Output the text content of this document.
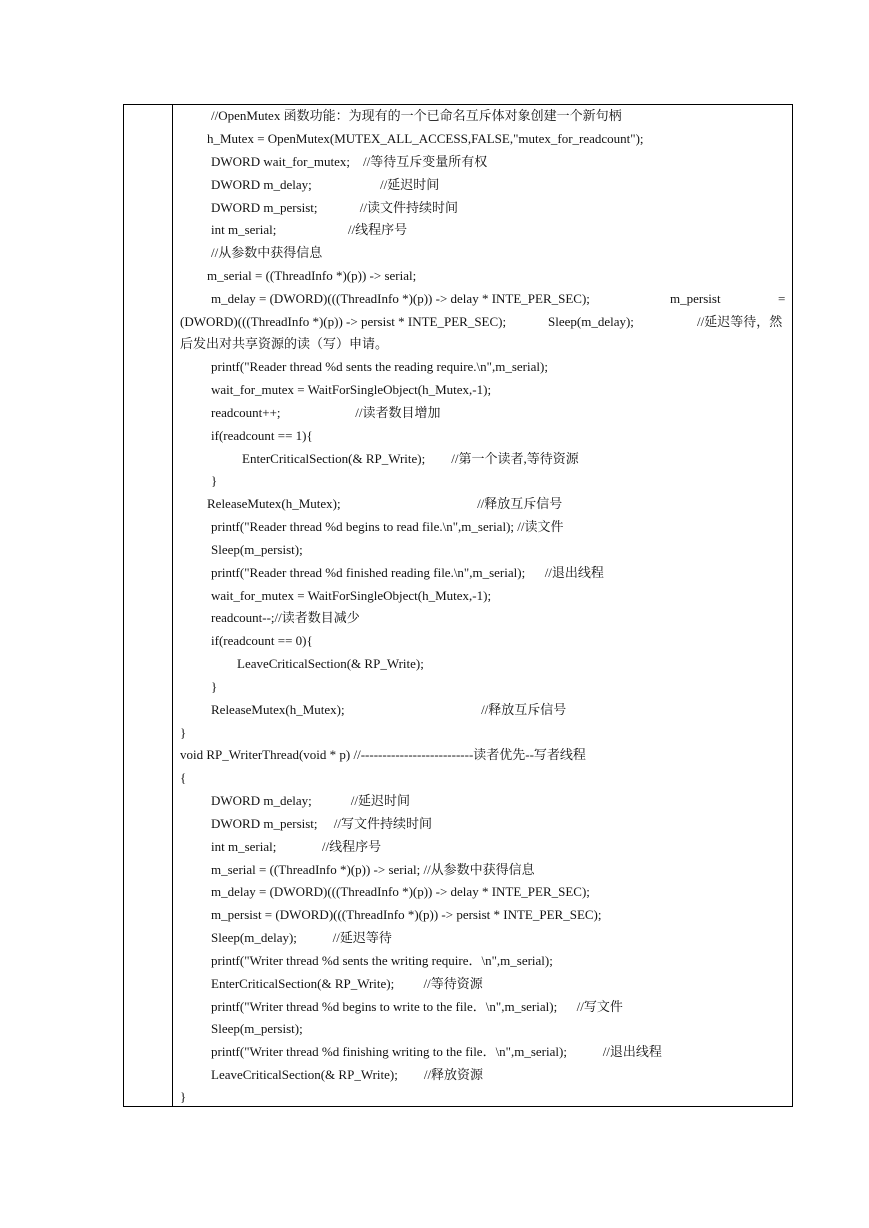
//OpenMutex 函数功能：为现有的一个已命名互斥体对象创建一个新句柄
h_Mutex = OpenMutex(MUTEX_ALL_ACCESS,FALSE,"mutex_for_readcount");
DWORD wait_for_mutex;    //等待互斥变量所有权
DWORD m_delay;                     //延迟时间
DWORD m_persist;             //读文件持续时间
int m_serial;                      //线程序号
//从参数中获得信息
m_serial = ((ThreadInfo *)(p)) -> serial;
m_delay = (DWORD)(((ThreadInfo *)(p)) -> delay * INTE_PER_SEC);	m_persist	=
(DWORD)(((ThreadInfo *)(p)) -> persist * INTE_PER_SEC);	Sleep(m_delay);	//延迟等待，然
后发出对共享资源的读（写）申请。
printf("Reader thread %d sents the reading require.\n",m_serial);
wait_for_mutex = WaitForSingleObject(h_Mutex,-1);
readcount++;                       //读者数目增加
if(readcount == 1){
EnterCriticalSection(& RP_Write);        //第一个读者,等待资源
}
ReleaseMutex(h_Mutex);                                          //释放互斥信号
printf("Reader thread %d begins to read file.\n",m_serial); //读文件
Sleep(m_persist);
printf("Reader thread %d finished reading file.\n",m_serial);      //退出线程
wait_for_mutex = WaitForSingleObject(h_Mutex,-1);
readcount--;//读者数目减少
if(readcount == 0){
LeaveCriticalSection(& RP_Write);
}
ReleaseMutex(h_Mutex);                                          //释放互斥信号
}
void RP_WriterThread(void * p) //--------------------------读者优先--写者线程
{
DWORD m_delay;            //延迟时间
DWORD m_persist;     //写文件持续时间
int m_serial;              //线程序号
m_serial = ((ThreadInfo *)(p)) -> serial; //从参数中获得信息
m_delay = (DWORD)(((ThreadInfo *)(p)) -> delay * INTE_PER_SEC);
m_persist = (DWORD)(((ThreadInfo *)(p)) -> persist * INTE_PER_SEC);
Sleep(m_delay);           //延迟等待
printf("Writer thread %d sents the writing require．\n",m_serial);
EnterCriticalSection(& RP_Write);         //等待资源
printf("Writer thread %d begins to write to the file．\n",m_serial);      //写文件
Sleep(m_persist);
printf("Writer thread %d finishing writing to the file．\n",m_serial);           //退出线程
LeaveCriticalSection(& RP_Write);        //释放资源
}
